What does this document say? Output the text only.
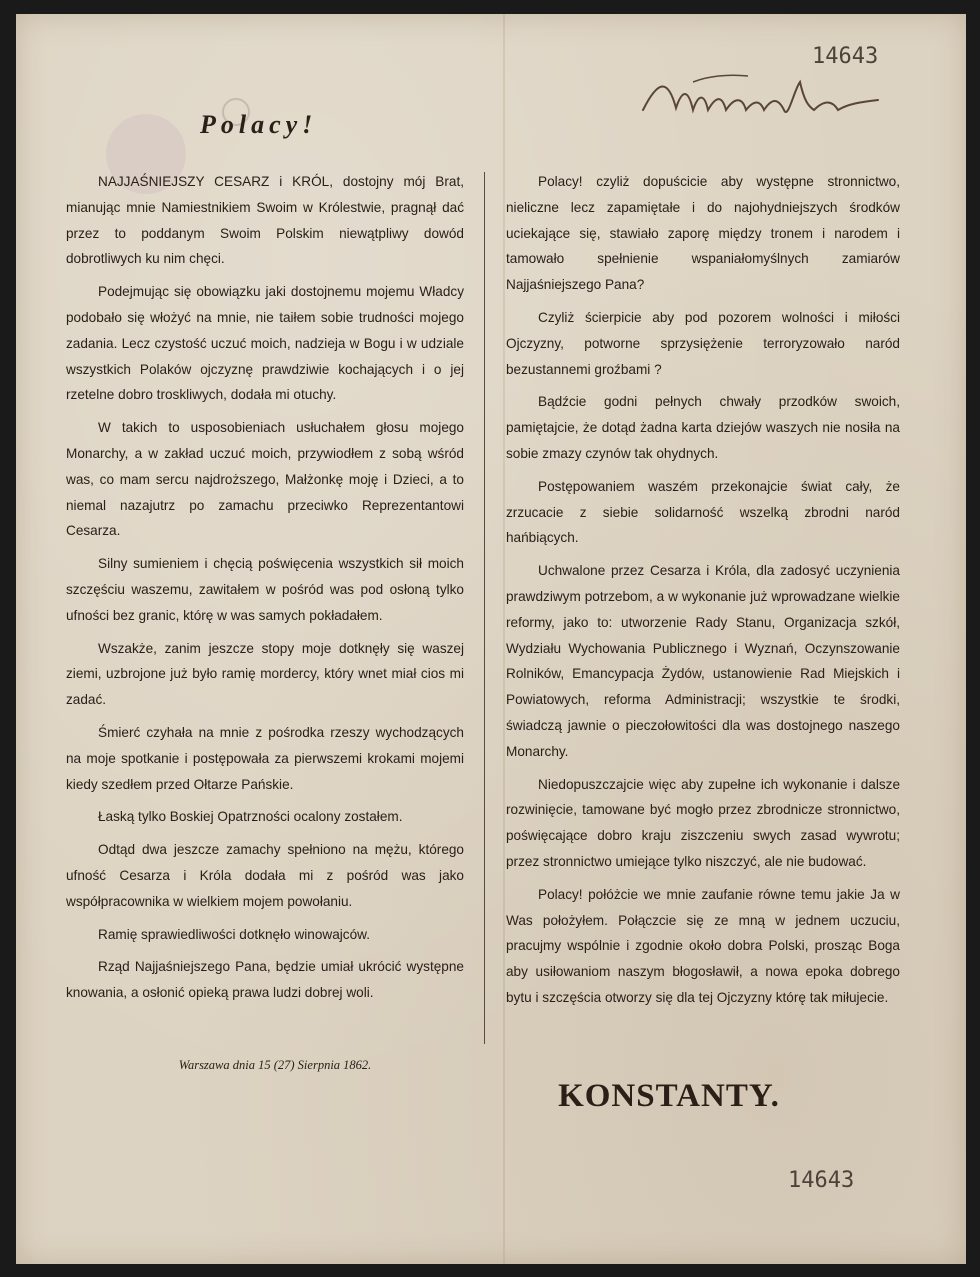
14643
Polacy!

NAJJAŚNIEJSZY CESARZ i KRÓL, dostojny mój Brat, mianując mnie Namiestnikiem Swoim w Królestwie, pragnął dać przez to poddanym Swoim Polskim niewątpliwy dowód dobrotliwych ku nim chęci.

Podejmując się obowiązku jaki dostojnemu mojemu Władcy podobało się włożyć na mnie, nie taiłem sobie trudności mojego zadania. Lecz czystość uczuć moich, nadzieja w Bogu i w udziale wszystkich Polaków ojczyznę prawdziwie kochających i o jej rzetelne dobro troskliwych, dodała mi otuchy.

W takich to usposobieniach usłuchałem głosu mojego Monarchy, a w zakład uczuć moich, przywiodłem z sobą wśród was, co mam sercu najdroższego, Małżonkę moję i Dzieci, a to niemal nazajutrz po zamachu przeciwko Reprezentantowi Cesarza.

Silny sumieniem i chęcią poświęcenia wszystkich sił moich szczęściu waszemu, zawitałem w pośród was pod osłoną tylko ufności bez granic, którę w was samych pokładałem.

Wszakże, zanim jeszcze stopy moje dotknęły się waszej ziemi, uzbrojone już było ramię mordercy, który wnet miał cios mi zadać.

Śmierć czyhała na mnie z pośrodka rzeszy wychodzących na moje spotkanie i postępowała za pierwszemi krokami mojemi kiedy szedłem przed Ołtarze Pańskie.

Łaską tylko Boskiej Opatrzności ocalony zostałem.

Odtąd dwa jeszcze zamachy spełniono na mężu, którego ufność Cesarza i Króla dodała mi z pośród was jako współpracownika w wielkiem mojem powołaniu.

Ramię sprawiedliwości dotknęło winowajców.

Rząd Najjaśniejszego Pana, będzie umiał ukrócić występne knowania, a osłonić opieką prawa ludzi dobrej woli.

Polacy! czyliż dopuścicie aby występne stronnictwo, nieliczne lecz zapamiętałe i do najohydniejszych środków uciekające się, stawiało zaporę między tronem i narodem i tamowało spełnienie wspaniałomyślnych zamiarów Najjaśniejszego Pana?

Czyliż ścierpicie aby pod pozorem wolności i miłości Ojczyzny, potworne sprzysiężenie terroryzowało naród bezustannemi groźbami ?

Bądźcie godni pełnych chwały przodków swoich, pamiętajcie, że dotąd żadna karta dziejów waszych nie nosiła na sobie zmazy czynów tak ohydnych.

Postępowaniem waszém przekonajcie świat cały, że zrzucacie z siebie solidarność wszelką zbrodni naród hańbiących.

Uchwalone przez Cesarza i Króla, dla zadosyć uczynienia prawdziwym potrzebom, a w wykonanie już wprowadzane wielkie reformy, jako to: utworzenie Rady Stanu, Organizacja szkół, Wydziału Wychowania Publicznego i Wyznań, Oczynszowanie Rolników, Emancypacja Żydów, ustanowienie Rad Miejskich i Powiatowych, reforma Administracji; wszystkie te środki, świadczą jawnie o pieczołowitości dla was dostojnego naszego Monarchy.

Niedopuszczajcie więc aby zupełne ich wykonanie i dalsze rozwinięcie, tamowane być mogło przez zbrodnicze stronnictwo, poświęcające dobro kraju ziszczeniu swych zasad wywrotu; przez stronnictwo umiejące tylko niszczyć, ale nie budować.

Polacy! połóżcie we mnie zaufanie równe temu jakie Ja w Was położyłem. Połączcie się ze mną w jednem uczuciu, pracujmy wspólnie i zgodnie około dobra Polski, prosząc Boga aby usiłowaniom naszym błogosławił, a nowa epoka dobrego bytu i szczęścia otworzy się dla tej Ojczyzny którę tak miłujecie.

Warszawa dnia 15 (27) Sierpnia 1862.
KONSTANTY.
14643
